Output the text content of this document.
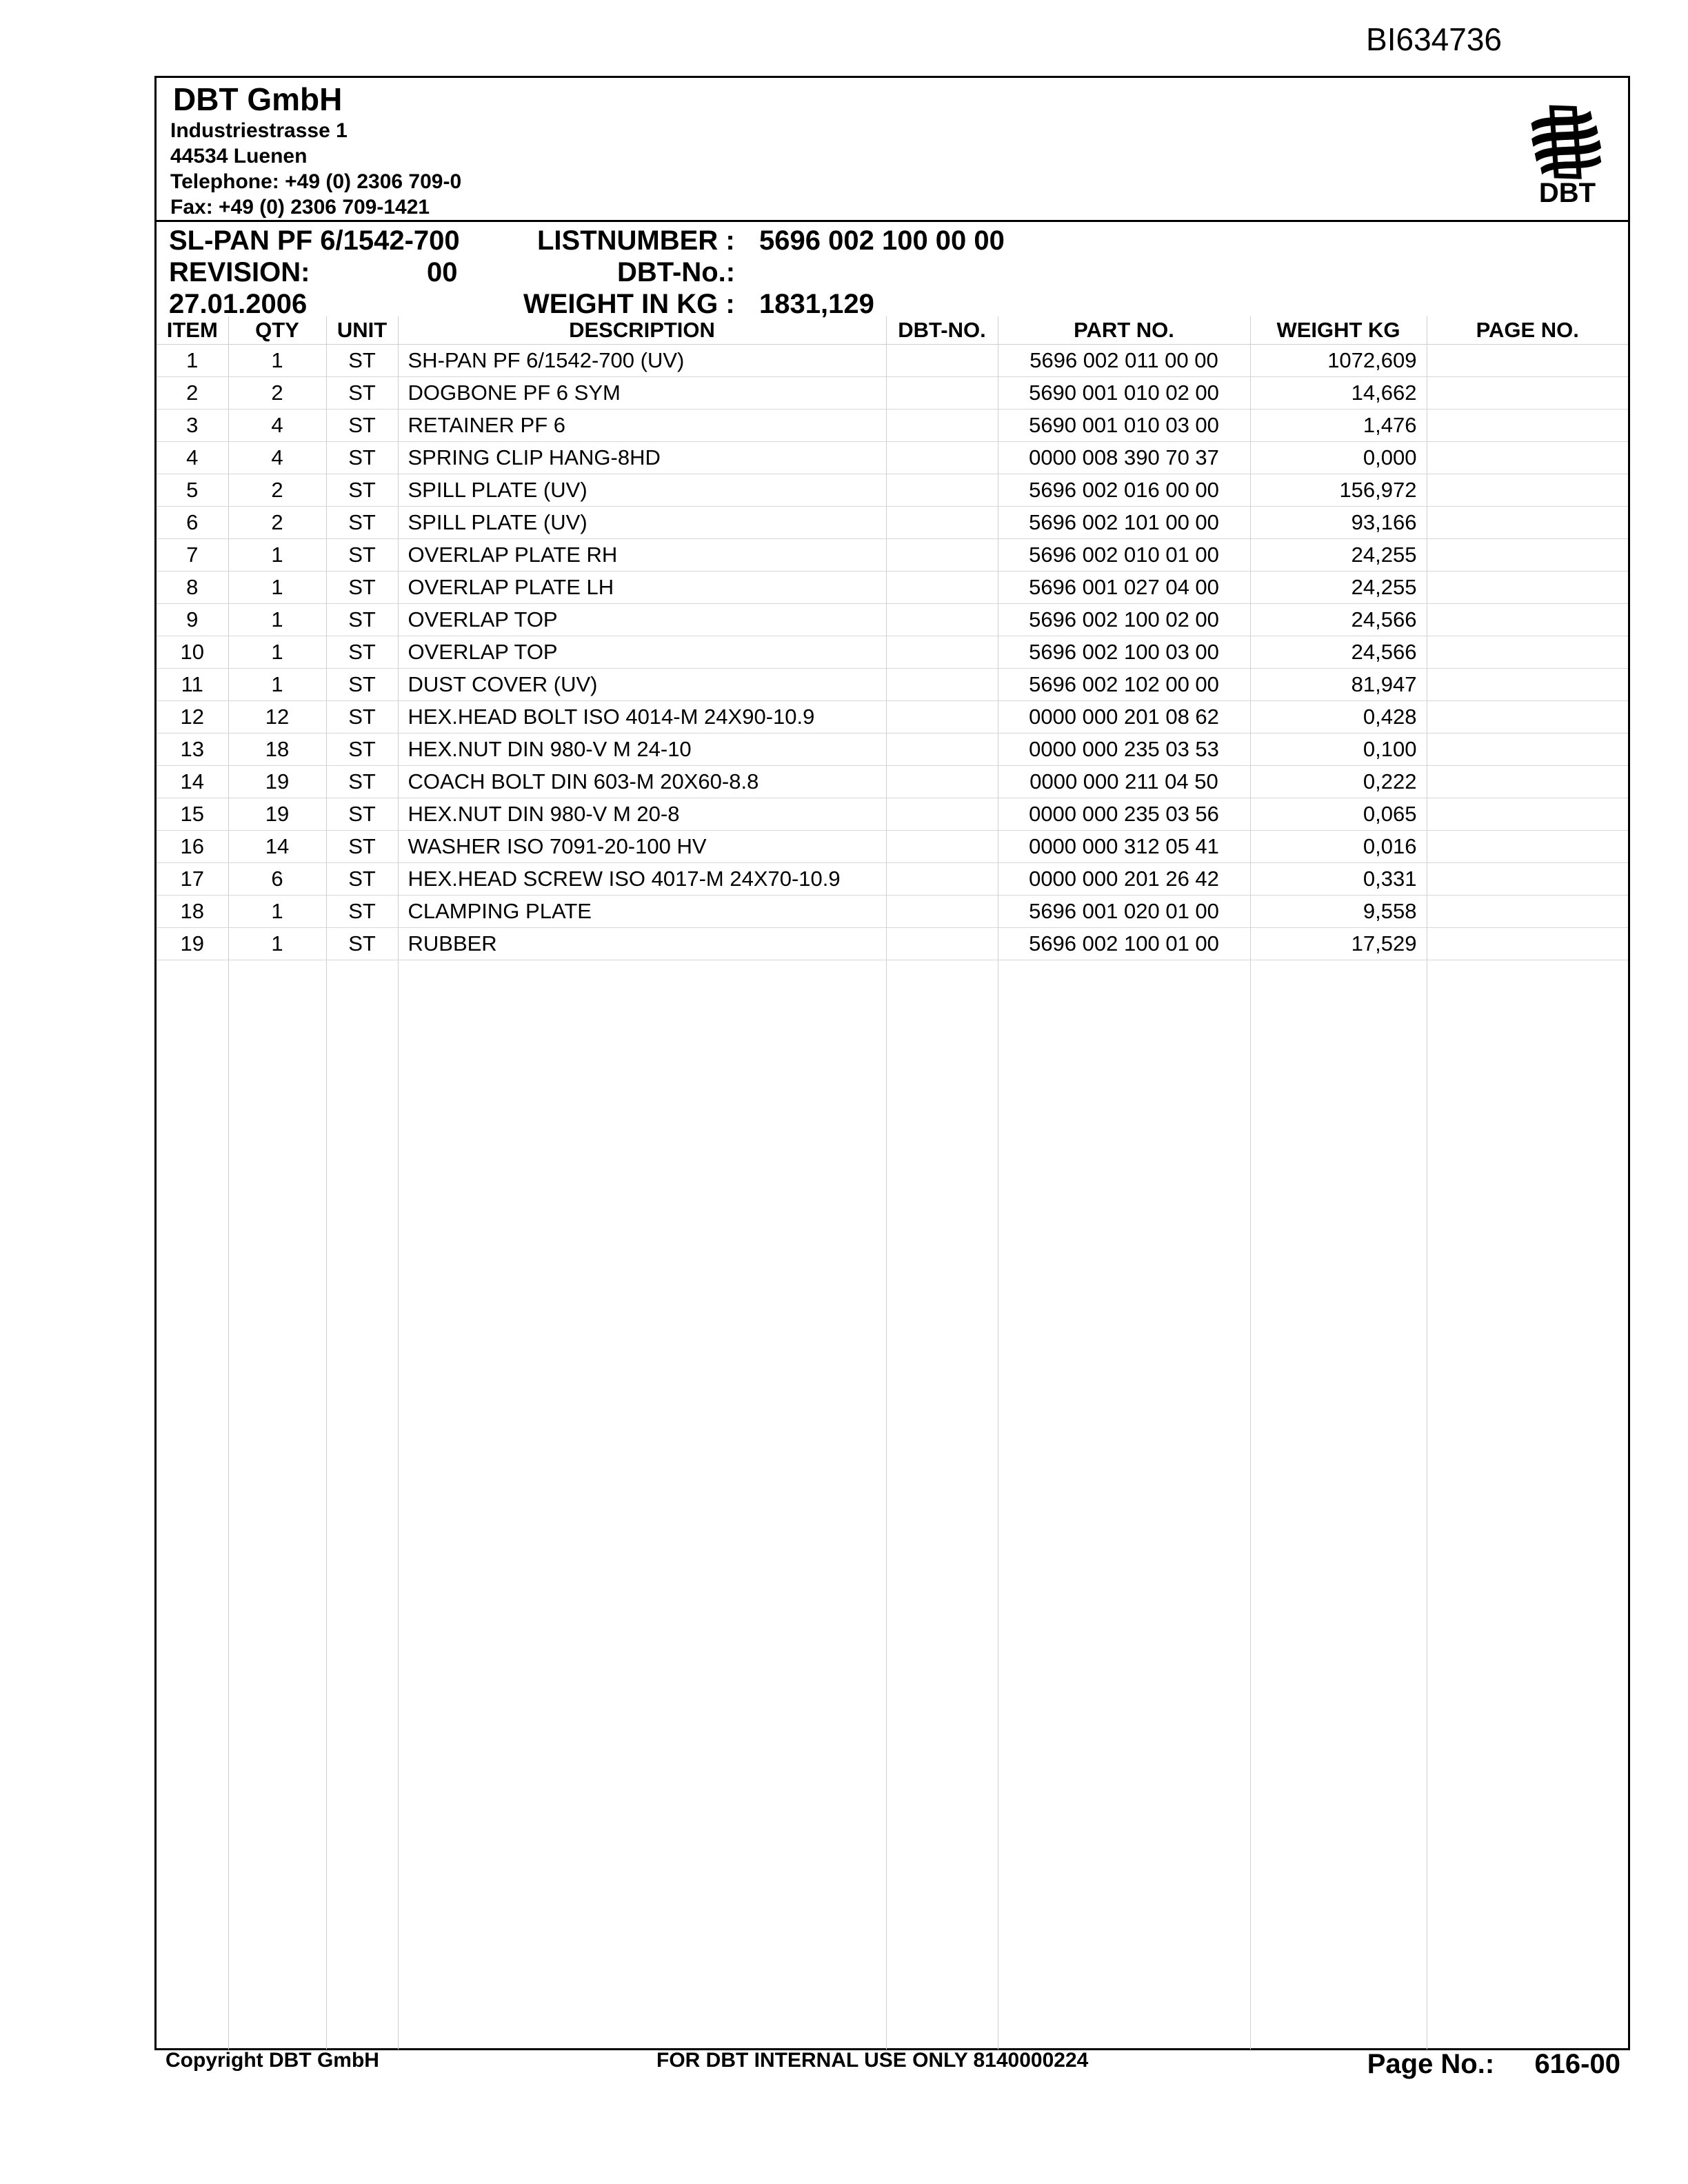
BI634736
DBT GmbH
Industriestrasse 1
44534 Luenen
Telephone: +49 (0) 2306 709-0
Fax: +49 (0) 2306 709-1421	DBT
SL-PAN PF 6/1542-700	LISTNUMBER : 5696 002 100 00 00
REVISION:	00	DBT-No.:
27.01.2006	WEIGHT IN KG : 1831,129
ITEM	QTY	UNIT	DESCRIPTION	DBT-NO.	PART NO.	WEIGHT KG	PAGE NO.
1	1	ST	SH-PAN PF 6/1542-700 (UV)		5696 002 011 00 00	1072,609	
2	2	ST	DOGBONE PF 6 SYM		5690 001 010 02 00	14,662	
3	4	ST	RETAINER PF 6		5690 001 010 03 00	1,476	
4	4	ST	SPRING CLIP HANG-8HD		0000 008 390 70 37	0,000	
5	2	ST	SPILL PLATE (UV)		5696 002 016 00 00	156,972	
6	2	ST	SPILL PLATE (UV)		5696 002 101 00 00	93,166	
7	1	ST	OVERLAP PLATE RH		5696 002 010 01 00	24,255	
8	1	ST	OVERLAP PLATE LH		5696 001 027 04 00	24,255	
9	1	ST	OVERLAP TOP		5696 002 100 02 00	24,566	
10	1	ST	OVERLAP TOP		5696 002 100 03 00	24,566	
11	1	ST	DUST COVER (UV)		5696 002 102 00 00	81,947	
12	12	ST	HEX.HEAD BOLT ISO 4014-M 24X90-10.9		0000 000 201 08 62	0,428	
13	18	ST	HEX.NUT DIN 980-V M 24-10		0000 000 235 03 53	0,100	
14	19	ST	COACH BOLT DIN 603-M 20X60-8.8		0000 000 211 04 50	0,222	
15	19	ST	HEX.NUT DIN 980-V M 20-8		0000 000 235 03 56	0,065	
16	14	ST	WASHER ISO 7091-20-100 HV		0000 000 312 05 41	0,016	
17	6	ST	HEX.HEAD SCREW ISO 4017-M 24X70-10.9		0000 000 201 26 42	0,331	
18	1	ST	CLAMPING PLATE		5696 001 020 01 00	9,558	
19	1	ST	RUBBER		5696 002 100 01 00	17,529	
Copyright DBT GmbH	FOR DBT INTERNAL USE ONLY 8140000224	Page No.: 616-00
